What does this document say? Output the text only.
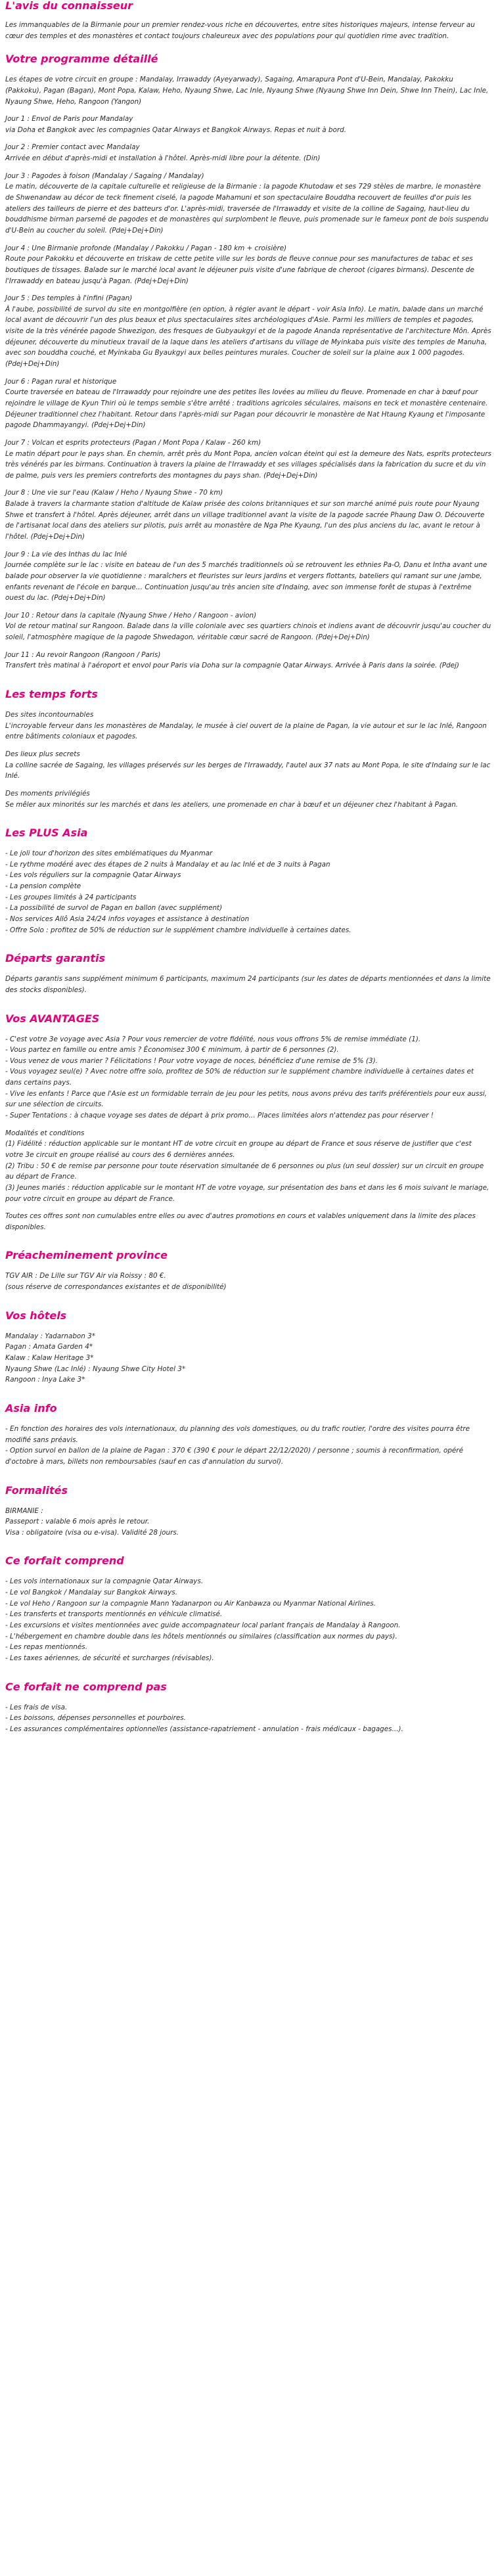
L'avis du connaisseur

Les immanquables de la Birmanie pour un premier rendez-vous riche en découvertes, entre sites historiques majeurs, intense ferveur au cœur des temples et des monastères et contact toujours chaleureux avec des populations pour qui quotidien rime avec tradition.

Votre programme détaillé

Les étapes de votre circuit en groupe : Mandalay, Irrawaddy (Ayeyarwady), Sagaing, Amarapura Pont d'U-Bein, Mandalay, Pakokku (Pakkoku), Pagan (Bagan), Mont Popa, Kalaw, Heho, Nyaung Shwe, Lac Inle, Nyaung Shwe (Nyaung Shwe Inn Dein, Shwe Inn Thein), Lac Inle, Nyaung Shwe, Heho, Rangoon (Yangon)

Jour 1 : Envol de Paris pour Mandalay
via Doha et Bangkok avec les compagnies Qatar Airways et Bangkok Airways. Repas et nuit à bord.
Jour 2 : Premier contact avec Mandalay
Arrivée en début d'après-midi et installation à l'hôtel. Après-midi libre pour la détente. (Din)
Jour 3 : Pagodes à foison (Mandalay / Sagaing / Mandalay)
Le matin, découverte de la capitale culturelle et religieuse de la Birmanie : la pagode Khutodaw et ses 729 stèles de marbre, le monastère de Shwenandaw au décor de teck finement ciselé, la pagode Mahamuni et son spectaculaire Bouddha recouvert de feuilles d'or puis les ateliers des tailleurs de pierre et des batteurs d'or. L'après-midi, traversée de l'Irrawaddy et visite de la colline de Sagaing, haut-lieu du bouddhisme birman parsemé de pagodes et de monastères qui surplombent le fleuve, puis promenade sur le fameux pont de bois suspendu d'U-Bein au coucher du soleil. (Pdej+Dej+Din)
Jour 4 : Une Birmanie profonde (Mandalay / Pakokku / Pagan - 180 km + croisière)
Route pour Pakokku et découverte en triskaw de cette petite ville sur les bords de fleuve connue pour ses manufactures de tabac et ses boutiques de tissages. Balade sur le marché local avant le déjeuner puis visite d'une fabrique de cheroot (cigares birmans). Descente de l'Irrawaddy en bateau jusqu'à Pagan. (Pdej+Dej+Din)
Jour 5 : Des temples à l'infini (Pagan)
À l'aube, possibilité de survol du site en montgolfière (en option, à régler avant le départ - voir Asia Info). Le matin, balade dans un marché local avant de découvrir l'un des plus beaux et plus spectaculaires sites archéologiques d'Asie. Parmi les milliers de temples et pagodes, visite de la très vénérée pagode Shwezigon, des fresques de Gubyaukgyi et de la pagode Ananda représentative de l'architecture Môn. Après déjeuner, découverte du minutieux travail de la laque dans les ateliers d'artisans du village de Myinkaba puis visite des temples de Manuha, avec son bouddha couché, et Myinkaba Gu Byaukgyi aux belles peintures murales. Coucher de soleil sur la plaine aux 1 000 pagodes. (Pdej+Dej+Din)
Jour 6 : Pagan rural et historique
Courte traversée en bateau de l'Irrawaddy pour rejoindre une des petites îles lovées au milieu du fleuve. Promenade en char à bœuf pour rejoindre le village de Kyun Thiri où le temps semble s'être arrêté : traditions agricoles séculaires, maisons en teck et monastère centenaire. Déjeuner traditionnel chez l'habitant. Retour dans l'après-midi sur Pagan pour découvrir le monastère de Nat Htaung Kyaung et l'imposante pagode Dhammayangyi. (Pdej+Dej+Din)
Jour 7 : Volcan et esprits protecteurs (Pagan / Mont Popa / Kalaw - 260 km)
Le matin départ pour le pays shan. En chemin, arrêt près du Mont Popa, ancien volcan éteint qui est la demeure des Nats, esprits protecteurs très vénérés par les birmans. Continuation à travers la plaine de l'Irrawaddy et ses villages spécialisés dans la fabrication du sucre et du vin de palme, puis vers les premiers contreforts des montagnes du pays shan. (Pdej+Dej+Din)
Jour 8 : Une vie sur l'eau (Kalaw / Heho / Nyaung Shwe - 70 km)
Balade à travers la charmante station d'altitude de Kalaw prisée des colons britanniques et sur son marché animé puis route pour Nyaung Shwe et transfert à l'hôtel. Après déjeuner, arrêt dans un village traditionnel avant la visite de la pagode sacrée Phaung Daw O. Découverte de l'artisanat local dans des ateliers sur pilotis, puis arrêt au monastère de Nga Phe Kyaung, l'un des plus anciens du lac, avant le retour à l'hôtel. (Pdej+Dej+Din)
Jour 9 : La vie des Inthas du lac Inlé
Journée complète sur le lac : visite en bateau de l'un des 5 marchés traditionnels où se retrouvent les ethnies Pa-O, Danu et Intha avant une balade pour observer la vie quotidienne : maraîchers et fleuristes sur leurs jardins et vergers flottants, bateliers qui ramant sur une jambe, enfants revenant de l'école en barque… Continuation jusqu'au très ancien site d'Indaing, avec son immense forêt de stupas à l'extrême ouest du lac. (Pdej+Dej+Din)
Jour 10 : Retour dans la capitale (Nyaung Shwe / Heho / Rangoon - avion)
Vol de retour matinal sur Rangoon. Balade dans la ville coloniale avec ses quartiers chinois et indiens avant de découvrir jusqu'au coucher du soleil, l'atmosphère magique de la pagode Shwedagon, véritable cœur sacré de Rangoon. (Pdej+Dej+Din)
Jour 11 : Au revoir Rangoon (Rangoon / Paris)
Transfert très matinal à l'aéroport et envol pour Paris via Doha sur la compagnie Qatar Airways. Arrivée à Paris dans la soirée. (Pdej)
Les temps forts
Des sites incontournables
L'incroyable ferveur dans les monastères de Mandalay, le musée à ciel ouvert de la plaine de Pagan, la vie autour et sur le lac Inlé, Rangoon entre bâtiments coloniaux et pagodes.
Des lieux plus secrets
La colline sacrée de Sagaing, les villages préservés sur les berges de l'Irrawaddy, l'autel aux 37 nats au Mont Popa, le site d'Indaing sur le lac Inlé.
Des moments privilégiés
Se mêler aux minorités sur les marchés et dans les ateliers, une promenade en char à bœuf et un déjeuner chez l'habitant à Pagan.
Les PLUS Asia
- Le joli tour d'horizon des sites emblématiques du Myanmar
- Le rythme modéré avec des étapes de 2 nuits à Mandalay et au lac Inlé et de 3 nuits à Pagan
- Les vols réguliers sur la compagnie Qatar Airways
- La pension complète
- Les groupes limités à 24 participants
- La possibilité de survol de Pagan en ballon (avec supplément)
- Nos services Allô Asia 24/24 infos voyages et assistance à destination
- Offre Solo : profitez de 50% de réduction sur le supplément chambre individuelle à certaines dates.
Départs garantis

Départs garantis sans supplément minimum 6 participants, maximum 24 participants (sur les dates de départs mentionnées et dans la limite des stocks disponibles).

Vos AVANTAGES
- C'est votre 3e voyage avec Asia ? Pour vous remercier de votre fidélité, nous vous offrons 5% de remise immédiate (1).
- Vous partez en famille ou entre amis ? Économisez 300 € minimum, à partir de 6 personnes (2).
- Vous venez de vous marier ? Félicitations ! Pour votre voyage de noces, bénéficiez d'une remise de 5% (3).
- Vous voyagez seul(e) ? Avec notre offre solo, profitez de 50% de réduction sur le supplément chambre individuelle à certaines dates et dans certains pays.
- Vive les enfants ! Parce que l'Asie est un formidable terrain de jeu pour les petits, nous avons prévu des tarifs préférentiels pour eux aussi, sur une sélection de circuits.
- Super Tentations : à chaque voyage ses dates de départ à prix promo… Places limitées alors n'attendez pas pour réserver !
Modalités et conditions
(1) Fidélité : réduction applicable sur le montant HT de votre circuit en groupe au départ de France et sous réserve de justifier que c'est votre 3e circuit en groupe réalisé au cours des 6 dernières années.
(2) Tribu : 50 € de remise par personne pour toute réservation simultanée de 6 personnes ou plus (un seul dossier) sur un circuit en groupe au départ de France.
(3) Jeunes mariés : réduction applicable sur le montant HT de votre voyage, sur présentation des bans et dans les 6 mois suivant le mariage, pour votre circuit en groupe au départ de France.

Toutes ces offres sont non cumulables entre elles ou avec d'autres promotions en cours et valables uniquement dans la limite des places disponibles.

Préacheminement province
TGV AIR : De Lille sur TGV Air via Roissy : 80 €.
(sous réserve de correspondances existantes et de disponibilité)
Vos hôtels
Mandalay : Yadarnabon 3*
Pagan : Amata Garden 4*
Kalaw : Kalaw Heritage 3*
Nyaung Shwe (Lac Inlé) : Nyaung Shwe City Hotel 3*
Rangoon : Inya Lake 3*
Asia info
- En fonction des horaires des vols internationaux, du planning des vols domestiques, ou du trafic routier, l'ordre des visites pourra être modifié sans préavis.
- Option survol en ballon de la plaine de Pagan : 370 € (390 € pour le départ 22/12/2020) / personne ; soumis à reconfirmation, opéré d'octobre à mars, billets non remboursables (sauf en cas d'annulation du survol).
Formalités
BIRMANIE :
Passeport : valable 6 mois après le retour.
Visa : obligatoire (visa ou e-visa). Validité 28 jours.
Ce forfait comprend
- Les vols internationaux sur la compagnie Qatar Airways.
- Le vol Bangkok / Mandalay sur Bangkok Airways.
- Le vol Heho / Rangoon sur la compagnie Mann Yadanarpon ou Air Kanbawza ou Myanmar National Airlines.
- Les transferts et transports mentionnés en véhicule climatisé.
- Les excursions et visites mentionnées avec guide accompagnateur local parlant français de Mandalay à Rangoon.
- L'hébergement en chambre double dans les hôtels mentionnés ou similaires (classification aux normes du pays).
- Les repas mentionnés.
- Les taxes aériennes, de sécurité et surcharges (révisables).
Ce forfait ne comprend pas
- Les frais de visa.
- Les boissons, dépenses personnelles et pourboires.
- Les assurances complémentaires optionnelles (assistance-rapatriement - annulation - frais médicaux - bagages...).
